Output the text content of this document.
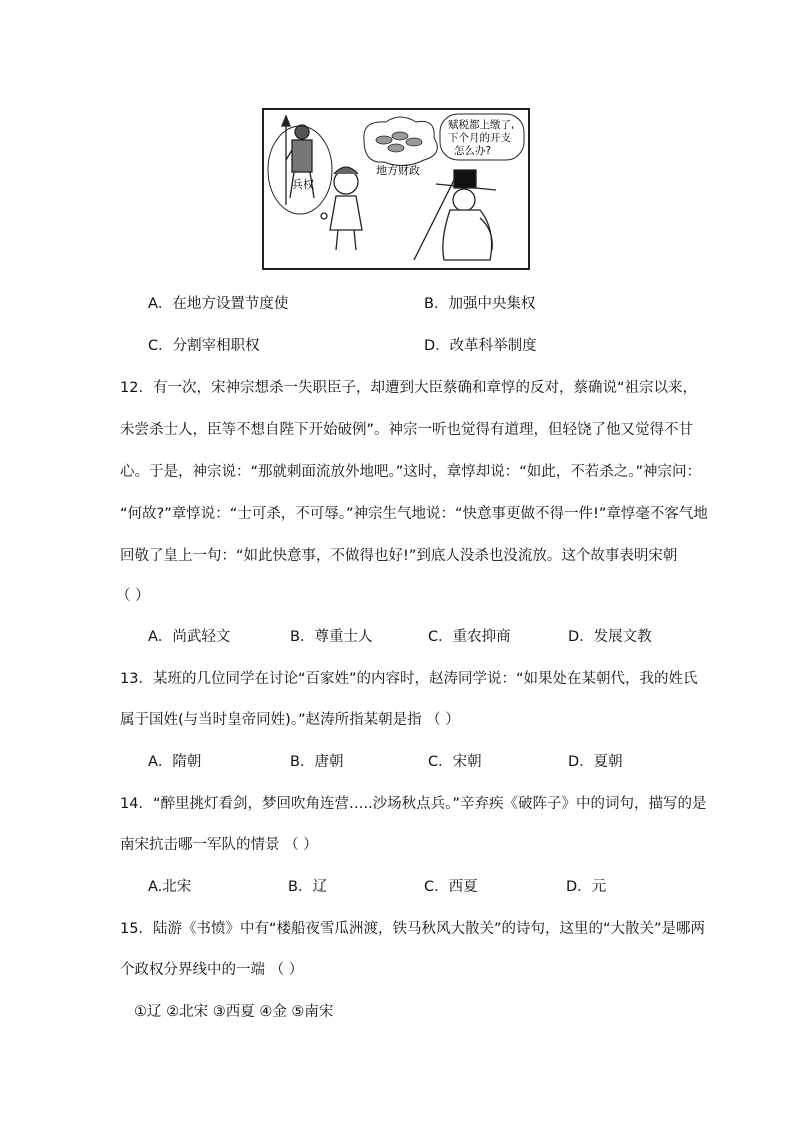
兵权
地方财政
赋税都上缴了,
下个月的开支
怎么办?
A．在地方设置节度使	B．加强中央集权
C．分割宰相职权	D．改革科举制度
12．有一次，宋神宗想杀一失职臣子，却遭到大臣蔡确和章惇的反对，蔡确说“祖宗以来，
未尝杀士人，臣等不想自陛下开始破例”。神宗一听也觉得有道理，但轻饶了他又觉得不甘
心。于是，神宗说：“那就刺面流放外地吧。”这时，章惇却说：“如此，不若杀之。”神宗问：
“何故?”章惇说：“士可杀，不可辱。”神宗生气地说：“快意事更做不得一件!”章惇毫不客气地
回敬了皇上一句：“如此快意事，不做得也好!”到底人没杀也没流放。这个故事表明宋朝
（ ）
A．尚武轻文	B．尊重士人	C．重农抑商	D．发展文教
13．某班的几位同学在讨论“百家姓”的内容时，赵涛同学说：“如果处在某朝代，我的姓氏
属于国姓(与当时皇帝同姓)。”赵涛所指某朝是指 （ ）
A．隋朝	B．唐朝	C．宋朝	D．夏朝
14．“醉里挑灯看剑，梦回吹角连营…..沙场秋点兵。”辛弃疾《破阵子》中的词句，描写的是
南宋抗击哪一军队的情景 （ ）
A.北宋	B．辽	C．西夏	D．元
15．陆游《书愤》中有“楼船夜雪瓜洲渡，铁马秋风大散关”的诗句，这里的“大散关”是哪两
个政权分界线中的一端 （ ）
①辽 ②北宋 ③西夏 ④金 ⑤南宋
